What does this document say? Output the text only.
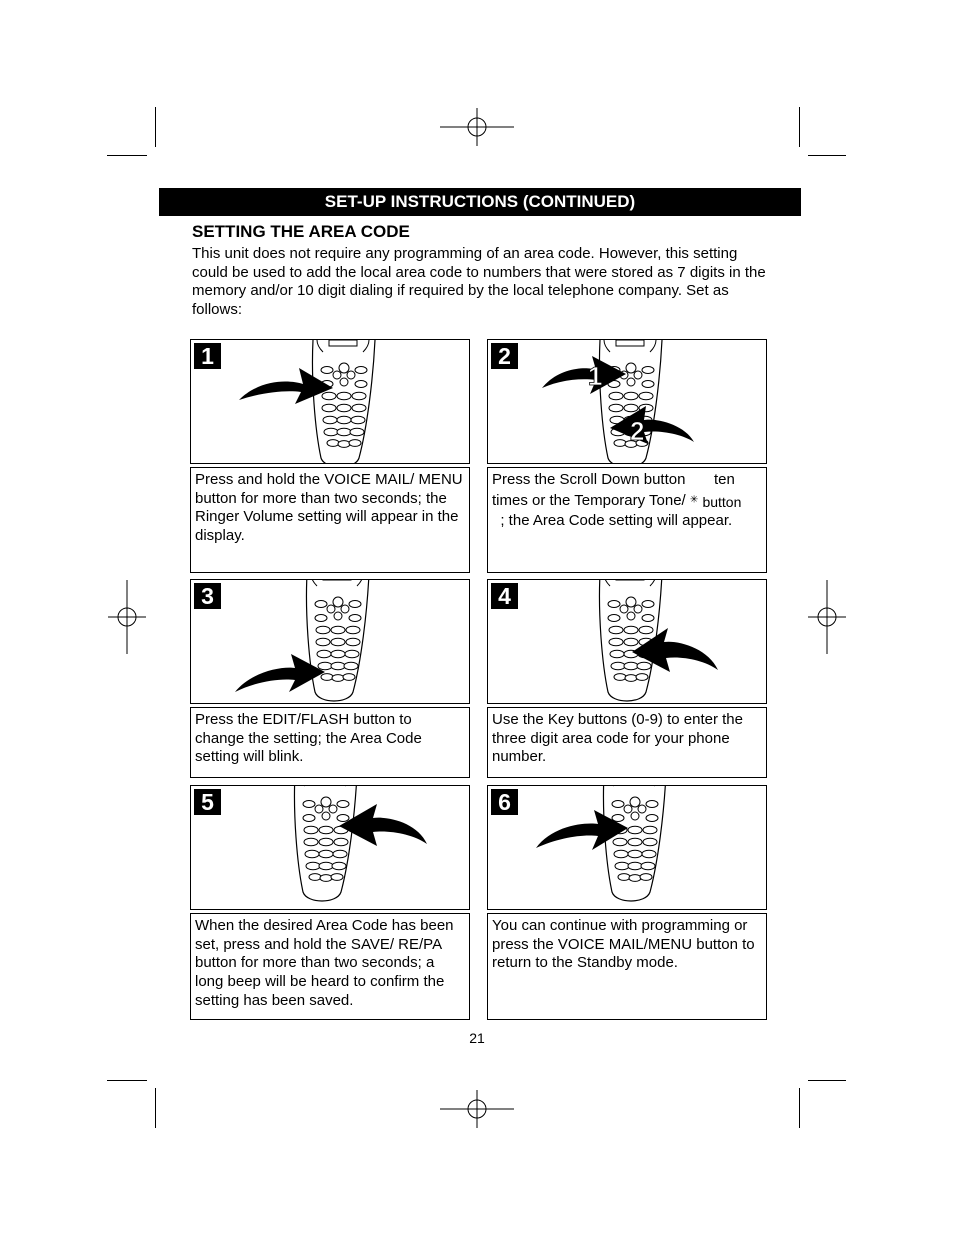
SET-UP INSTRUCTIONS (CONTINUED)
SETTING THE AREA CODE

This unit does not require any programming of an area code. However, this setting could be used to add the local area code to numbers that were stored as 7 digits in the memory and/or 10 digit dialing if required by the local telephone company. Set as follows:

1

Press and hold the VOICE MAIL/ MENU button for more than two seconds; the Ringer Volume setting will appear in the display.

1
2
2

Press the Scroll Down button ten

times or the Temporary Tone/ ✳ button

; the Area Code setting will appear.

3

Press the EDIT/FLASH button to change the setting; the Area Code setting will blink.

4

Use the Key buttons (0-9) to enter the three digit area code for your phone number.

5

When the desired Area Code has been set, press and hold the SAVE/ RE/PA button for more than two seconds; a long beep will be heard to confirm the setting has been saved.

6

You can continue with programming or press the VOICE MAIL/MENU button to return to the Standby mode.

21
